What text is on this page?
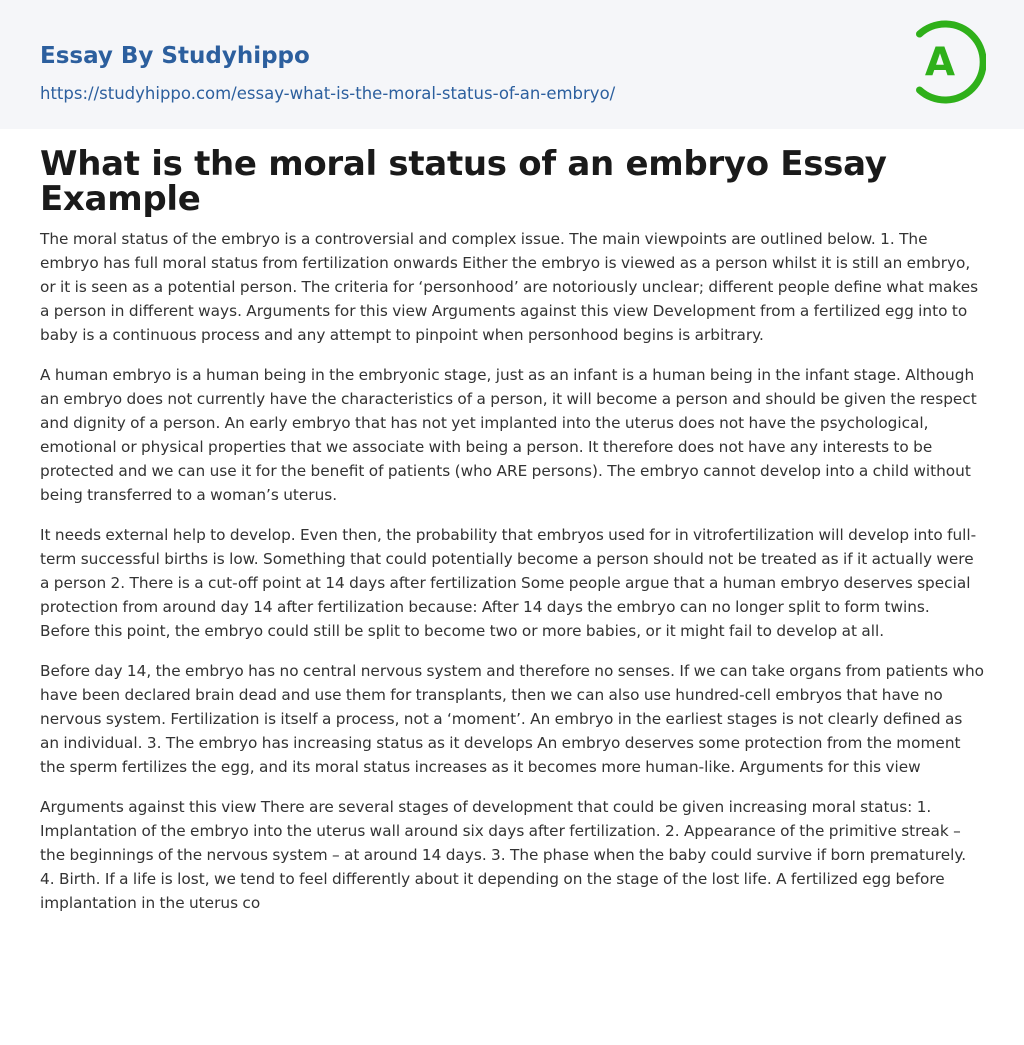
Essay By Studyhippo
https://studyhippo.com/essay-what-is-the-moral-status-of-an-embryo/
A
What is the moral status of an embryo Essay Example

The moral status of the embryo is a controversial and complex issue. The main viewpoints are outlined below. 1. The embryo has full moral status from fertilization onwards Either the embryo is viewed as a person whilst it is still an embryo, or it is seen as a potential person. The criteria for ‘personhood’ are notoriously unclear; different people define what makes a person in different ways. Arguments for this view Arguments against this view Development from a fertilized egg into to baby is a continuous process and any attempt to pinpoint when personhood begins is arbitrary.

A human embryo is a human being in the embryonic stage, just as an infant is a human being in the infant stage. Although an embryo does not currently have the characteristics of a person, it will become a person and should be given the respect and dignity of a person. An early embryo that has not yet implanted into the uterus does not have the psychological, emotional or physical properties that we associate with being a person. It therefore does not have any interests to be protected and we can use it for the benefit of patients (who ARE persons). The embryo cannot develop into a child without being transferred to a woman’s uterus.

It needs external help to develop. Even then, the probability that embryos used for in vitrofertilization will develop into full-term successful births is low. Something that could potentially become a person should not be treated as if it actually were a person 2. There is a cut-off point at 14 days after fertilization Some people argue that a human embryo deserves special protection from around day 14 after fertilization because: After 14 days the embryo can no longer split to form twins. Before this point, the embryo could still be split to become two or more babies, or it might fail to develop at all.

Before day 14, the embryo has no central nervous system and therefore no senses. If we can take organs from patients who have been declared brain dead and use them for transplants, then we can also use hundred-cell embryos that have no nervous system. Fertilization is itself a process, not a ‘moment’. An embryo in the earliest stages is not clearly defined as an individual. 3. The embryo has increasing status as it develops An embryo deserves some protection from the moment the sperm fertilizes the egg, and its moral status increases as it becomes more human-like. Arguments for this view

Arguments against this view There are several stages of development that could be given increasing moral status: 1. Implantation of the embryo into the uterus wall around six days after fertilization. 2. Appearance of the primitive streak – the beginnings of the nervous system – at around 14 days. 3. The phase when the baby could survive if born prematurely. 4. Birth. If a life is lost, we tend to feel differently about it depending on the stage of the lost life. A fertilized egg before implantation in the uterus co
